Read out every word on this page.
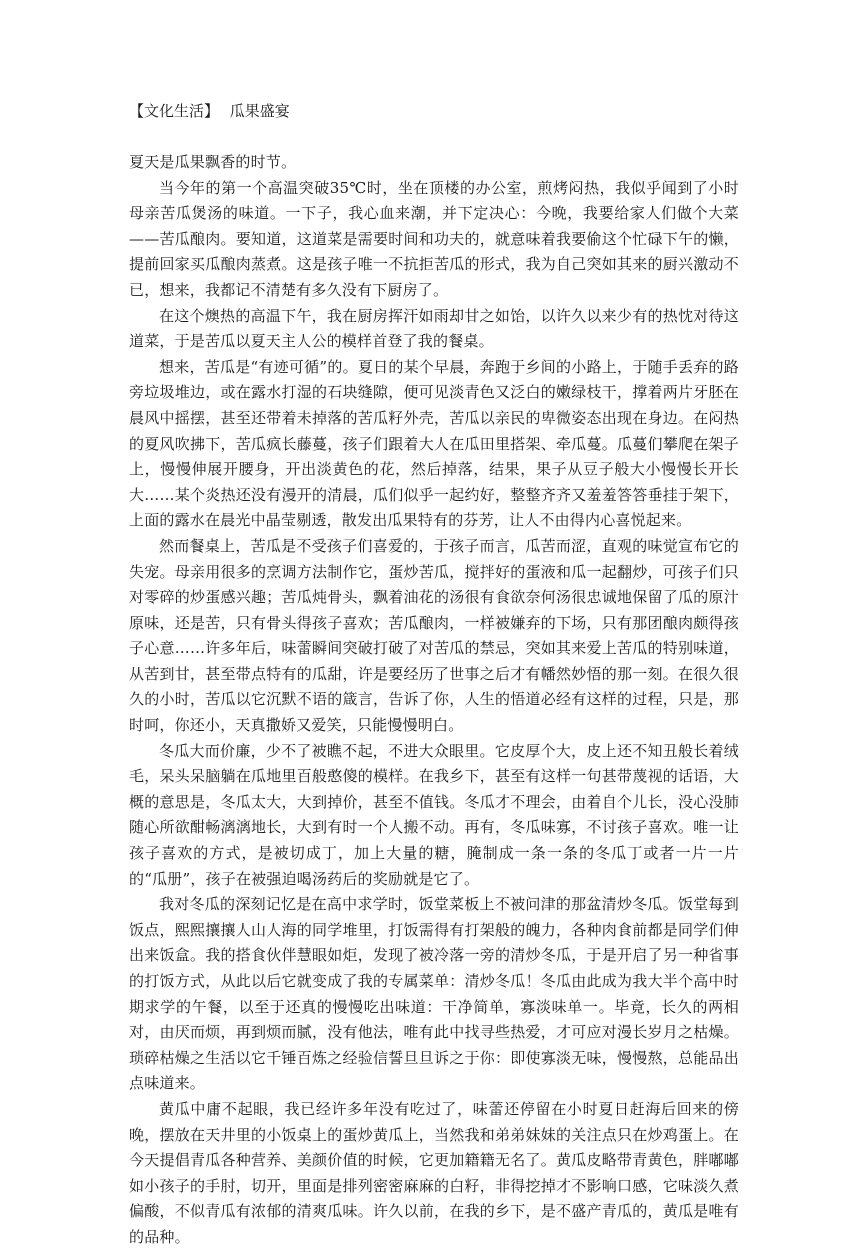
【文化生活】 瓜果盛宴

夏天是瓜果飘香的时节。

当今年的第一个高温突破35℃时，坐在顶楼的办公室，煎烤闷热，我似乎闻到了小时母亲苦瓜煲汤的味道。一下子，我心血来潮，并下定决心：今晚，我要给家人们做个大菜——苦瓜酿肉。要知道，这道菜是需要时间和功夫的，就意味着我要偷这个忙碌下午的懒，提前回家买瓜酿肉蒸煮。这是孩子唯一不抗拒苦瓜的形式，我为自己突如其来的厨兴激动不已，想来，我都记不清楚有多久没有下厨房了。

在这个燠热的高温下午，我在厨房挥汗如雨却甘之如饴，以许久以来少有的热忱对待这道菜，于是苦瓜以夏天主人公的模样首登了我的餐桌。

想来，苦瓜是“有迹可循”的。夏日的某个早晨，奔跑于乡间的小路上，于随手丢弃的路旁垃圾堆边，或在露水打湿的石块缝隙，便可见淡青色又泛白的嫩绿枝干，撑着两片牙胚在晨风中摇摆，甚至还带着未掉落的苦瓜籽外壳，苦瓜以亲民的卑微姿态出现在身边。在闷热的夏风吹拂下，苦瓜疯长藤蔓，孩子们跟着大人在瓜田里搭架、牵瓜蔓。瓜蔓们攀爬在架子上，慢慢伸展开腰身，开出淡黄色的花，然后掉落，结果，果子从豆子般大小慢慢长开长大……某个炎热还没有漫开的清晨，瓜们似乎一起约好，整整齐齐又羞羞答答垂挂于架下，上面的露水在晨光中晶莹剔透，散发出瓜果特有的芬芳，让人不由得内心喜悦起来。

然而餐桌上，苦瓜是不受孩子们喜爱的，于孩子而言，瓜苦而涩，直观的味觉宣布它的失宠。母亲用很多的烹调方法制作它，蛋炒苦瓜，搅拌好的蛋液和瓜一起翻炒，可孩子们只对零碎的炒蛋感兴趣；苦瓜炖骨头，飘着油花的汤很有食欲奈何汤很忠诚地保留了瓜的原汁原味，还是苦，只有骨头得孩子喜欢；苦瓜酿肉，一样被嫌弃的下场，只有那团酿肉颇得孩子心意……许多年后，味蕾瞬间突破打破了对苦瓜的禁忌，突如其来爱上苦瓜的特别味道，从苦到甘，甚至带点特有的瓜甜，许是要经历了世事之后才有幡然妙悟的那一刻。在很久很久的小时，苦瓜以它沉默不语的箴言，告诉了你，人生的悟道必经有这样的过程，只是，那时呵，你还小，天真撒娇又爱笑，只能慢慢明白。

冬瓜大而价廉，少不了被瞧不起，不进大众眼里。它皮厚个大，皮上还不知丑般长着绒毛，呆头呆脑躺在瓜地里百般憨傻的模样。在我乡下，甚至有这样一句甚带蔑视的话语，大概的意思是，冬瓜太大，大到掉价，甚至不值钱。冬瓜才不理会，由着自个儿长，没心没肺随心所欲酣畅漓漓地长，大到有时一个人搬不动。再有，冬瓜味寡，不讨孩子喜欢。唯一让孩子喜欢的方式，是被切成丁，加上大量的糖，腌制成一条一条的冬瓜丁或者一片一片的“瓜册”，孩子在被强迫喝汤药后的奖励就是它了。

我对冬瓜的深刻记忆是在高中求学时，饭堂菜板上不被问津的那盆清炒冬瓜。饭堂每到饭点，熙熙攘攘人山人海的同学堆里，打饭需得有打架般的魄力，各种肉食前都是同学们伸出来饭盒。我的搭食伙伴慧眼如炬，发现了被冷落一旁的清炒冬瓜，于是开启了另一种省事的打饭方式，从此以后它就变成了我的专属菜单：清炒冬瓜！冬瓜由此成为我大半个高中时期求学的午餐，以至于还真的慢慢吃出味道：干净简单，寡淡味单一。毕竟，长久的两相对，由厌而烦，再到烦而腻，没有他法，唯有此中找寻些热爱，才可应对漫长岁月之枯燥。琐碎枯燥之生活以它千锤百炼之经验信誓旦旦诉之于你：即使寡淡无味，慢慢熬，总能品出点味道来。

黄瓜中庸不起眼，我已经许多年没有吃过了，味蕾还停留在小时夏日赶海后回来的傍晚，摆放在天井里的小饭桌上的蛋炒黄瓜上，当然我和弟弟妹妹的关注点只在炒鸡蛋上。在今天提倡青瓜各种营养、美颜价值的时候，它更加籍籍无名了。黄瓜皮略带青黄色，胖嘟嘟如小孩子的手肘，切开，里面是排列密密麻麻的白籽，非得挖掉才不影响口感，它味淡久煮偏酸，不似青瓜有浓郁的清爽瓜味。许久以前，在我的乡下，是不盛产青瓜的，黄瓜是唯有的品种。
